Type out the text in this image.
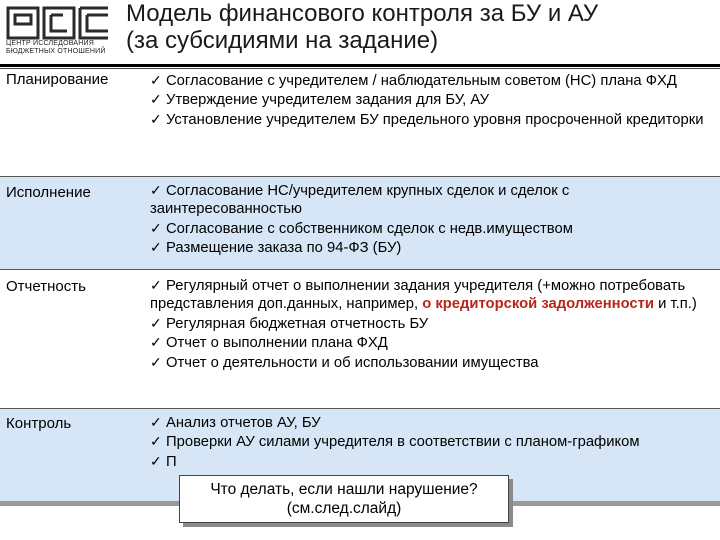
ЦЕНТР ИССЛЕДОВАНИЯ БЮДЖЕТНЫХ ОТНОШЕНИЙ
Модель финансового контроля за БУ и АУ
(за субсидиями на задание)
Планирование	✓ Согласование с учредителем / наблюдательным советом (НС) плана ФХД
✓ Утверждение учредителем задания для БУ, АУ
✓ Установление учредителем БУ предельного уровня просроченной кредиторки
Исполнение	✓ Согласование НС/учредителем крупных сделок и сделок с заинтересованностью
✓ Согласование с собственником сделок с недв.имуществом
✓ Размещение заказа по 94-ФЗ (БУ)
Отчетность	✓ Регулярный отчет о выполнении задания учредителя (+можно потребовать представления доп.данных, например, о кредиторской задолженности и т.п.)
✓ Регулярная бюджетная отчетность БУ
✓ Отчет о выполнении плана ФХД
✓ Отчет о деятельности и об использовании имущества
Контроль	✓ Анализ отчетов АУ, БУ
✓ Проверки АУ силами учредителя в соответствии с планом-графиком
✓ П
Что делать, если нашли нарушение?
(см.след.слайд)
